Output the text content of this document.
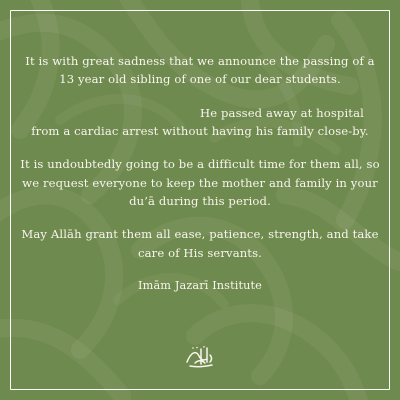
It is with great sadness that we announce the passing of a 13 year old sibling of one of our dear students.

He passed away at hospital
from a cardiac arrest without having his family close-by.

It is undoubtedly going to be a difficult time for them all, so we request everyone to keep the mother and family in your du’ā during this period.

May Allāh grant them all ease, patience, strength, and take care of His servants.

Imām Jazarī Institute
